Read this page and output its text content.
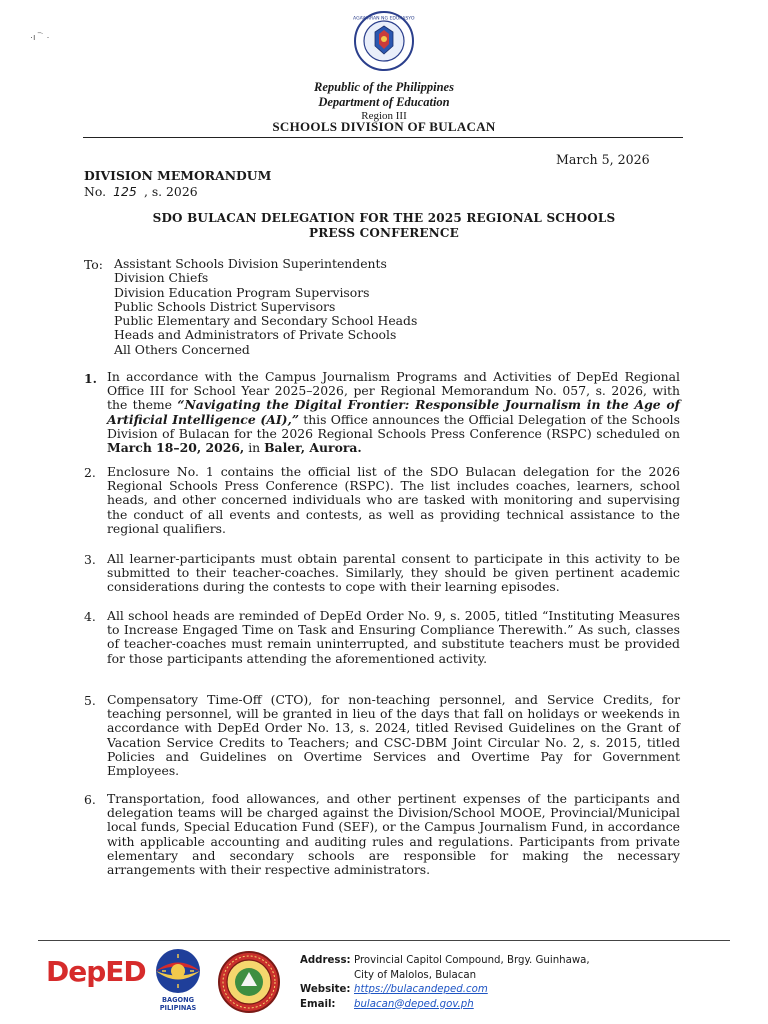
·ı ‾˙ ·
KAGAWARAN NG EDUKASYON
Republic of the Philippines
Department of Education
Region III
SCHOOLS DIVISION OF BULACAN
March 5, 2026
DIVISION MEMORANDUM
No. 125 , s. 2026
SDO BULACAN DELEGATION FOR THE 2025 REGIONAL SCHOOLS
PRESS CONFERENCE
To: Assistant Schools Division Superintendents
Division Chiefs
Division Education Program Supervisors
Public Schools District Supervisors
Public Elementary and Secondary School Heads
Heads and Administrators of Private Schools
All Others Concerned
1. In accordance with the Campus Journalism Programs and Activities of DepEd Regional Office III for School Year 2025–2026, per Regional Memorandum No. 057, s. 2026, with the theme “Navigating the Digital Frontier: Responsible Journalism in the Age of Artificial Intelligence (AI),” this Office announces the Official Delegation of the Schools Division of Bulacan for the 2026 Regional Schools Press Conference (RSPC) scheduled on March 18–20, 2026, in Baler, Aurora.
2. Enclosure No. 1 contains the official list of the SDO Bulacan delegation for the 2026 Regional Schools Press Conference (RSPC). The list includes coaches, learners, school heads, and other concerned individuals who are tasked with monitoring and supervising the conduct of all events and contests, as well as providing technical assistance to the regional qualifiers.
3. All learner-participants must obtain parental consent to participate in this activity to be submitted to their teacher-coaches. Similarly, they should be given pertinent academic considerations during the contests to cope with their learning episodes.
4. All school heads are reminded of DepEd Order No. 9, s. 2005, titled “Instituting Measures to Increase Engaged Time on Task and Ensuring Compliance Therewith.” As such, classes of teacher-coaches must remain uninterrupted, and substitute teachers must be provided for those participants attending the aforementioned activity.
5. Compensatory Time-Off (CTO), for non-teaching personnel, and Service Credits, for teaching personnel, will be granted in lieu of the days that fall on holidays or weekends in accordance with DepEd Order No. 13, s. 2024, titled Revised Guidelines on the Grant of Vacation Service Credits to Teachers; and CSC-DBM Joint Circular No. 2, s. 2015, titled Policies and Guidelines on Overtime Services and Overtime Pay for Government Employees.
6. Transportation, food allowances, and other pertinent expenses of the participants and delegation teams will be charged against the Division/School MOOE, Provincial/Municipal local funds, Special Education Fund (SEF), or the Campus Journalism Fund, in accordance with applicable accounting and auditing rules and regulations. Participants from private elementary and secondary schools are responsible for making the necessary arrangements with their respective administrators.
DepED
BAGONG PILIPINAS
Address: Provincial Capitol Compound, Brgy. Guinhawa,
City of Malolos, Bulacan
Website: https://bulacandeped.com
Email: bulacan@deped.gov.ph
